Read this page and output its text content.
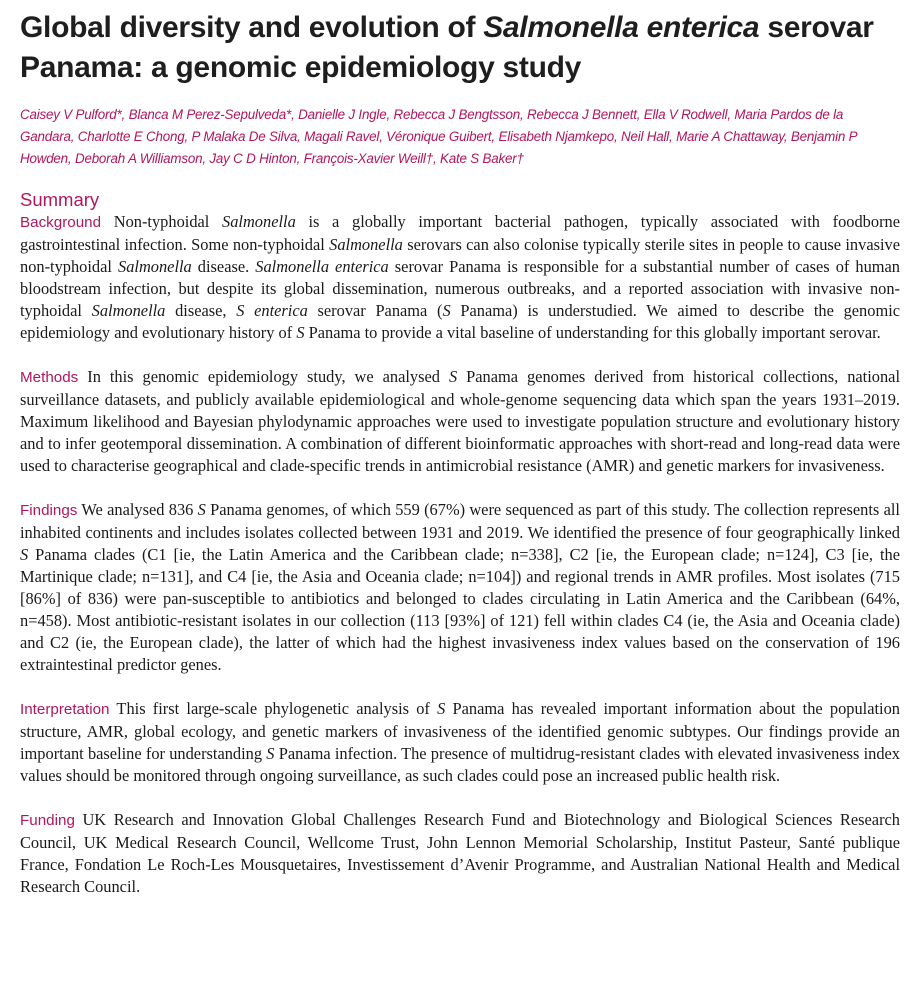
Global diversity and evolution of Salmonella enterica serovar Panama: a genomic epidemiology study
Caisey V Pulford*, Blanca M Perez-Sepulveda*, Danielle J Ingle, Rebecca J Bengtsson, Rebecca J Bennett, Ella V Rodwell, Maria Pardos de la Gandara, Charlotte E Chong, P Malaka De Silva, Magali Ravel, Véronique Guibert, Elisabeth Njamkepo, Neil Hall, Marie A Chattaway, Benjamin P Howden, Deborah A Williamson, Jay C D Hinton, François-Xavier Weill†, Kate S Baker†
Summary

Background Non-typhoidal Salmonella is a globally important bacterial pathogen, typically associated with foodborne gastrointestinal infection. Some non-typhoidal Salmonella serovars can also colonise typically sterile sites in people to cause invasive non-typhoidal Salmonella disease. Salmonella enterica serovar Panama is responsible for a substantial number of cases of human bloodstream infection, but despite its global dissemination, numerous outbreaks, and a reported association with invasive non-typhoidal Salmonella disease, S enterica serovar Panama (S Panama) is understudied. We aimed to describe the genomic epidemiology and evolutionary history of S Panama to provide a vital baseline of understanding for this globally important serovar.

Methods In this genomic epidemiology study, we analysed S Panama genomes derived from historical collections, national surveillance datasets, and publicly available epidemiological and whole-genome sequencing data which span the years 1931–2019. Maximum likelihood and Bayesian phylodynamic approaches were used to investigate population structure and evolutionary history and to infer geotemporal dissemination. A combination of different bioinformatic approaches with short-read and long-read data were used to characterise geographical and clade-specific trends in antimicrobial resistance (AMR) and genetic markers for invasiveness.

Findings We analysed 836 S Panama genomes, of which 559 (67%) were sequenced as part of this study. The collection represents all inhabited continents and includes isolates collected between 1931 and 2019. We identified the presence of four geographically linked S Panama clades (C1 [ie, the Latin America and the Caribbean clade; n=338], C2 [ie, the European clade; n=124], C3 [ie, the Martinique clade; n=131], and C4 [ie, the Asia and Oceania clade; n=104]) and regional trends in AMR profiles. Most isolates (715 [86%] of 836) were pan-susceptible to antibiotics and belonged to clades circulating in Latin America and the Caribbean (64%, n=458). Most antibiotic-resistant isolates in our collection (113 [93%] of 121) fell within clades C4 (ie, the Asia and Oceania clade) and C2 (ie, the European clade), the latter of which had the highest invasiveness index values based on the conservation of 196 extraintestinal predictor genes.

Interpretation This first large-scale phylogenetic analysis of S Panama has revealed important information about the population structure, AMR, global ecology, and genetic markers of invasiveness of the identified genomic subtypes. Our findings provide an important baseline for understanding S Panama infection. The presence of multidrug-resistant clades with elevated invasiveness index values should be monitored through ongoing surveillance, as such clades could pose an increased public health risk.

Funding UK Research and Innovation Global Challenges Research Fund and Biotechnology and Biological Sciences Research Council, UK Medical Research Council, Wellcome Trust, John Lennon Memorial Scholarship, Institut Pasteur, Santé publique France, Fondation Le Roch-Les Mousquetaires, Investissement d’Avenir Programme, and Australian National Health and Medical Research Council.
